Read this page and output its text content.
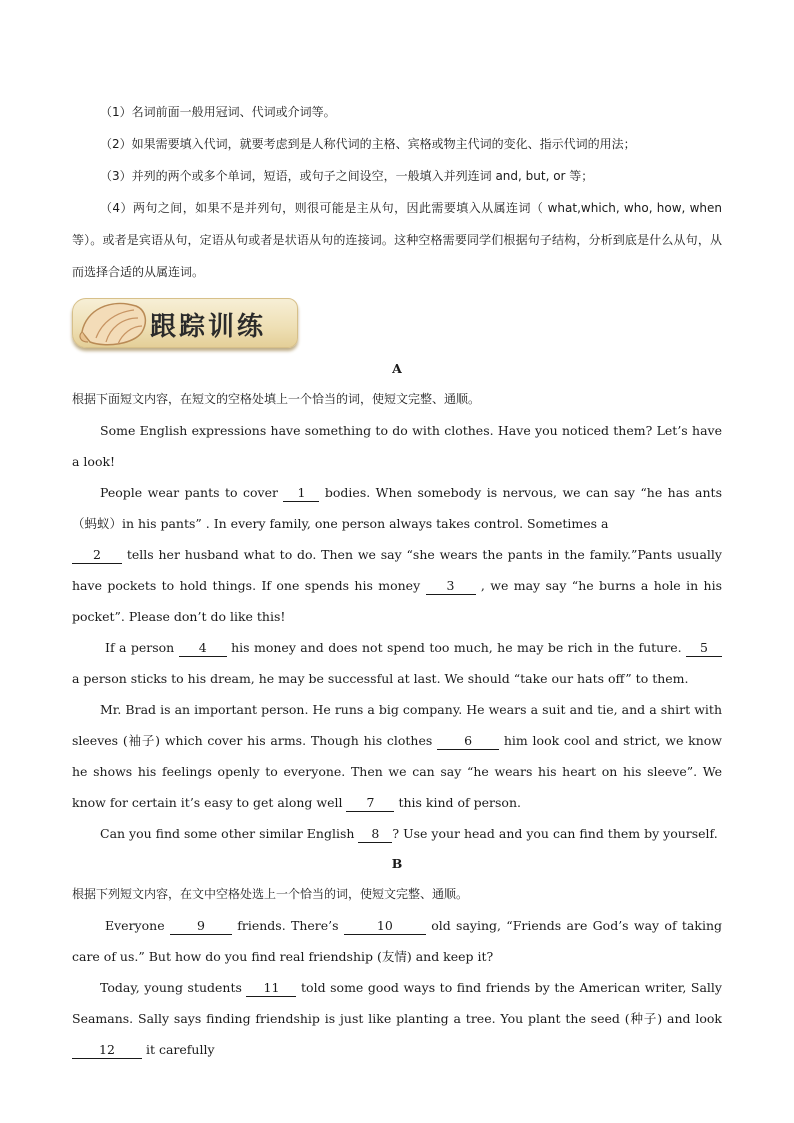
（1）名词前面一般用冠词、代词或介词等。

（2）如果需要填入代词，就要考虑到是人称代词的主格、宾格或物主代词的变化、指示代词的用法；

（3）并列的两个或多个单词，短语，或句子之间设空，一般填入并列连词 and, but, or 等；

（4）两句之间，如果不是并列句，则很可能是主从句，因此需要填入从属连词（ what,which, who, how, when 等）。或者是宾语从句，定语从句或者是状语从句的连接词。这种空格需要同学们根据句子结构，分析到底是什么从句，从而选择合适的从属连词。

跟踪训练

A

根据下面短文内容，在短文的空格处填上一个恰当的词，使短文完整、通顺。

Some English expressions have something to do with clothes. Have you noticed them? Let’s have a look!

People wear pants to cover 1 bodies. When somebody is nervous, we can say “he has ants （蚂蚁）in his pants” . In every family, one person always takes control. Sometimes a

2 tells her husband what to do. Then we say “she wears the pants in the family.”Pants usually have pockets to hold things. If one spends his money 3 , we may say “he burns a hole in his pocket”. Please don’t do like this!

If a person 4 his money and does not spend too much, he may be rich in the future. 5 a person sticks to his dream, he may be successful at last. We should “take our hats off” to them.

Mr. Brad is an important person. He runs a big company. He wears a suit and tie, and a shirt with sleeves (袖子) which cover his arms. Though his clothes 6 him look cool and strict, we know he shows his feelings openly to everyone. Then we can say “he wears his heart on his sleeve”. We know for certain it’s easy to get along well 7 this kind of person.

Can you find some other similar English 8 ? Use your head and you can find them by yourself.

B

根据下列短文内容，在文中空格处选上一个恰当的词，使短文完整、通顺。

Everyone 9 friends. There’s	10	old saying, “Friends are God’s way of taking care of us.” But how do you find real friendship (友情) and keep it?

Today, young students 11 told some good ways to find friends by the American writer, Sally Seamans. Sally says finding friendship is just like planting a tree. You plant the seed (种子) and look 12 it carefully
